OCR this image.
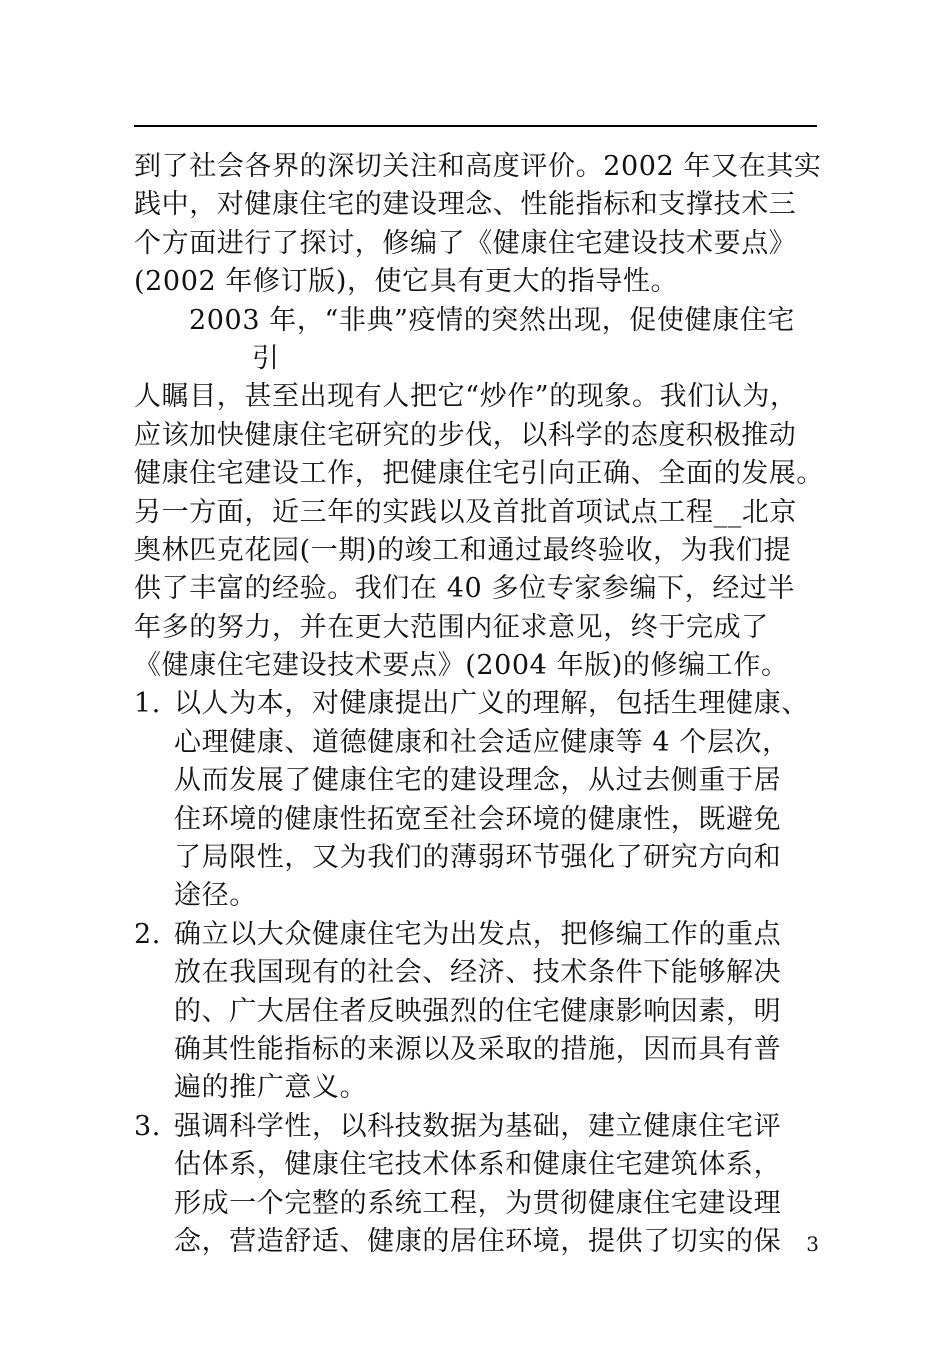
到了社会各界的深切关注和高度评价。2002 年又在其实
践中，对健康住宅的建设理念、性能指标和支撑技术三
个方面进行了探讨，修编了《健康住宅建设技术要点》
(2002 年修订版)，使它具有更大的指导性。
2003 年，“非典”疫情的突然出现，促使健康住宅
引
人瞩目，甚至出现有人把它“炒作”的现象。我们认为，
应该加快健康住宅研究的步伐，以科学的态度积极推动
健康住宅建设工作，把健康住宅引向正确、全面的发展。
另一方面，近三年的实践以及首批首项试点工程__北京
奥林匹克花园(一期)的竣工和通过最终验收，为我们提
供了丰富的经验。我们在 40 多位专家参编下，经过半
年多的努力，并在更大范围内征求意见，终于完成了
《健康住宅建设技术要点》(2004 年版)的修编工作。
1. 以人为本，对健康提出广义的理解，包括生理健康、
心理健康、道德健康和社会适应健康等 4 个层次，
从而发展了健康住宅的建设理念，从过去侧重于居
住环境的健康性拓宽至社会环境的健康性，既避免
了局限性，又为我们的薄弱环节强化了研究方向和
途径。
2. 确立以大众健康住宅为出发点，把修编工作的重点
放在我国现有的社会、经济、技术条件下能够解决
的、广大居住者反映强烈的住宅健康影响因素，明
确其性能指标的来源以及采取的措施，因而具有普
遍的推广意义。
3. 强调科学性，以科技数据为基础，建立健康住宅评
估体系，健康住宅技术体系和健康住宅建筑体系，
形成一个完整的系统工程，为贯彻健康住宅建设理
念，营造舒适、健康的居住环境，提供了切实的保	3
